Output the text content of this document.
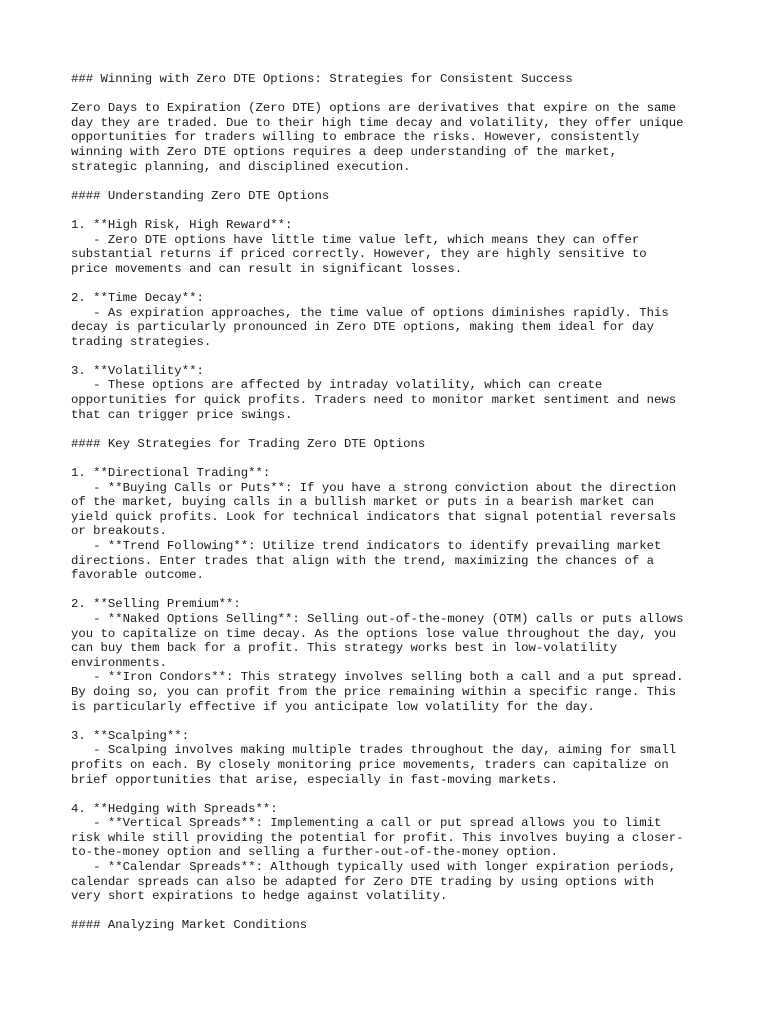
### Winning with Zero DTE Options: Strategies for Consistent Success
Zero Days to Expiration (Zero DTE) options are derivatives that expire on the same
day they are traded. Due to their high time decay and volatility, they offer unique
opportunities for traders willing to embrace the risks. However, consistently
winning with Zero DTE options requires a deep understanding of the market,
strategic planning, and disciplined execution.
#### Understanding Zero DTE Options
1. **High Risk, High Reward**:
- Zero DTE options have little time value left, which means they can offer
substantial returns if priced correctly. However, they are highly sensitive to
price movements and can result in significant losses.
2. **Time Decay**:
- As expiration approaches, the time value of options diminishes rapidly. This
decay is particularly pronounced in Zero DTE options, making them ideal for day
trading strategies.
3. **Volatility**:
- These options are affected by intraday volatility, which can create
opportunities for quick profits. Traders need to monitor market sentiment and news
that can trigger price swings.
#### Key Strategies for Trading Zero DTE Options
1. **Directional Trading**:
- **Buying Calls or Puts**: If you have a strong conviction about the direction
of the market, buying calls in a bullish market or puts in a bearish market can
yield quick profits. Look for technical indicators that signal potential reversals
or breakouts.
- **Trend Following**: Utilize trend indicators to identify prevailing market
directions. Enter trades that align with the trend, maximizing the chances of a
favorable outcome.
2. **Selling Premium**:
- **Naked Options Selling**: Selling out-of-the-money (OTM) calls or puts allows
you to capitalize on time decay. As the options lose value throughout the day, you
can buy them back for a profit. This strategy works best in low-volatility
environments.
- **Iron Condors**: This strategy involves selling both a call and a put spread.
By doing so, you can profit from the price remaining within a specific range. This
is particularly effective if you anticipate low volatility for the day.
3. **Scalping**:
- Scalping involves making multiple trades throughout the day, aiming for small
profits on each. By closely monitoring price movements, traders can capitalize on
brief opportunities that arise, especially in fast-moving markets.
4. **Hedging with Spreads**:
- **Vertical Spreads**: Implementing a call or put spread allows you to limit
risk while still providing the potential for profit. This involves buying a closer-
to-the-money option and selling a further-out-of-the-money option.
- **Calendar Spreads**: Although typically used with longer expiration periods,
calendar spreads can also be adapted for Zero DTE trading by using options with
very short expirations to hedge against volatility.
#### Analyzing Market Conditions
